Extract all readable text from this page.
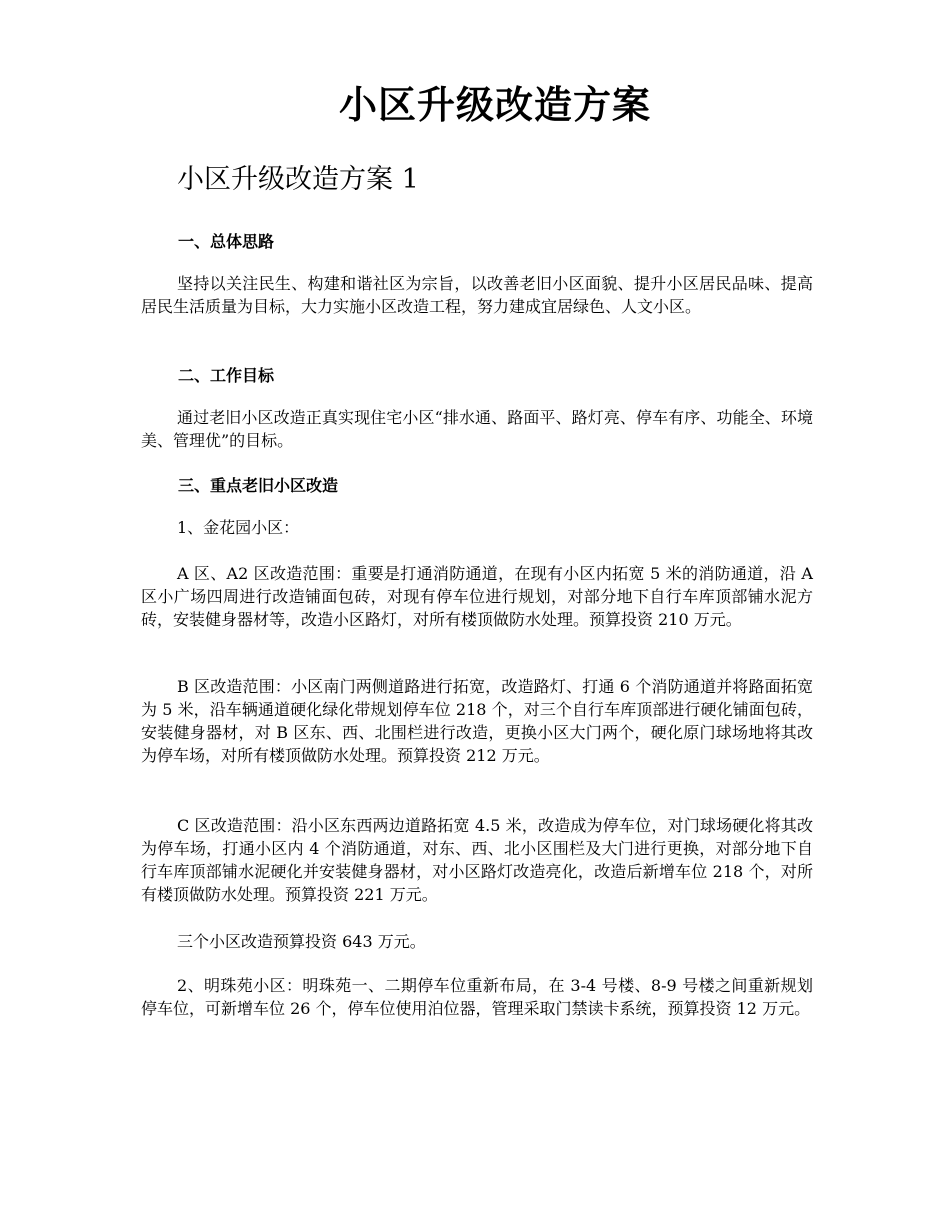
小区升级改造方案
小区升级改造方案 1
一、总体思路

坚持以关注民生、构建和谐社区为宗旨，以改善老旧小区面貌、提升小区居民品味、提高居民生活质量为目标，大力实施小区改造工程，努力建成宜居绿色、人文小区。

二、工作目标

通过老旧小区改造正真实现住宅小区“排水通、路面平、路灯亮、停车有序、功能全、环境美、管理优”的目标。

三、重点老旧小区改造

1、金花园小区：

A 区、A2 区改造范围：重要是打通消防通道，在现有小区内拓宽 5 米的消防通道，沿 A 区小广场四周进行改造铺面包砖，对现有停车位进行规划，对部分地下自行车库顶部铺水泥方砖，安装健身器材等，改造小区路灯，对所有楼顶做防水处理。预算投资 210 万元。

B 区改造范围：小区南门两侧道路进行拓宽，改造路灯、打通 6 个消防通道并将路面拓宽为 5 米，沿车辆通道硬化绿化带规划停车位 218 个，对三个自行车库顶部进行硬化铺面包砖，安装健身器材，对 B 区东、西、北围栏进行改造，更换小区大门两个，硬化原门球场地将其改为停车场，对所有楼顶做防水处理。预算投资 212 万元。

C 区改造范围：沿小区东西两边道路拓宽 4.5 米，改造成为停车位，对门球场硬化将其改为停车场，打通小区内 4 个消防通道，对东、西、北小区围栏及大门进行更换，对部分地下自行车库顶部铺水泥硬化并安装健身器材，对小区路灯改造亮化，改造后新增车位 218 个，对所有楼顶做防水处理。预算投资 221 万元。

三个小区改造预算投资 643 万元。

2、明珠苑小区：明珠苑一、二期停车位重新布局，在 3-4 号楼、8-9 号楼之间重新规划停车位，可新增车位 26 个，停车位使用泊位器，管理采取门禁读卡系统，预算投资 12 万元。
